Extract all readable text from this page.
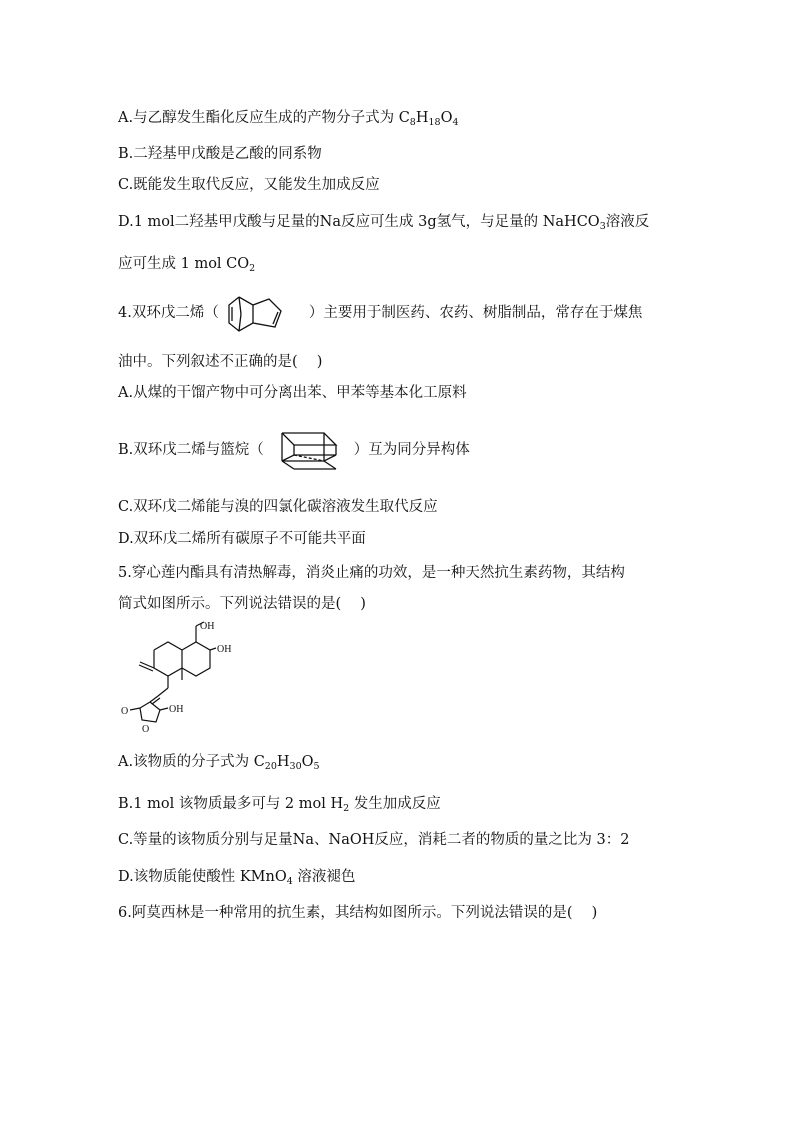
A.与乙醇发生酯化反应生成的产物分子式为 $C_8H_{18}O_4$
B.二羟基甲戊酸是乙酸的同系物
C.既能发生取代反应，又能发生加成反应
D.1 mol二羟基甲戊酸与足量的Na反应可生成 3g氢气，与足量的 NaHCO$_3$溶液反
应可生成 1 mol $CO_2$
4.双环戊二烯（	）主要用于制医药、农药、树脂制品，常存在于煤焦
油中。下列叙述不正确的是(　 )
A.从煤的干馏产物中可分离出苯、甲苯等基本化工原料
B.双环戊二烯与篮烷（	）互为同分异构体
C.双环戊二烯能与溴的四氯化碳溶液发生取代反应
D.双环戊二烯所有碳原子不可能共平面
5.穿心莲内酯具有清热解毒，消炎止痛的功效，是一种天然抗生素药物，其结构
简式如图所示。下列说法错误的是(　 )
OH
OH
OH
O
O
A.该物质的分子式为 $C_{20}H_{30}O_5$
B.1 mol 该物质最多可与 2 mol $H_2$ 发生加成反应
C.等量的该物质分别与足量Na、NaOH反应，消耗二者的物质的量之比为 3：2
D.该物质能使酸性 KMnO$_4$ 溶液褪色
6.阿莫西林是一种常用的抗生素，其结构如图所示。下列说法错误的是(　 )
